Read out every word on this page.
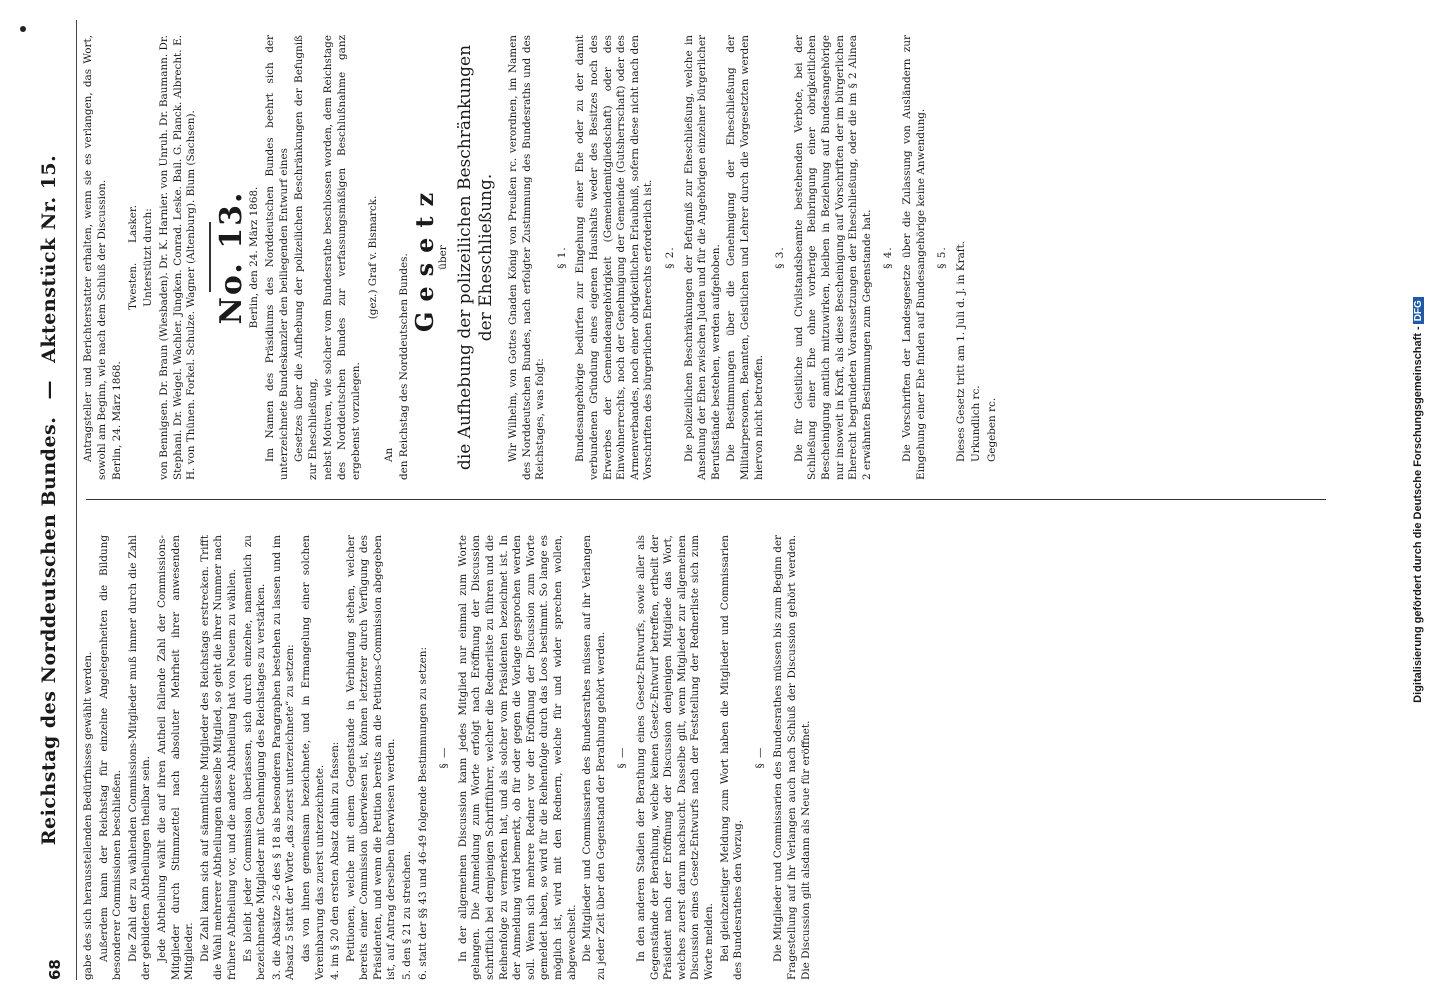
68
Reichstag des Norddeutschen Bundes. — Aktenstück Nr. 15.

gabe des sich herausstellenden Bedürfnisses gewählt werden. Außerdem kann der Reichstag für einzelne Angelegenheiten die Bildung besonderer Commissionen beschließen. Die Zahl der zu wählenden Commissions-Mitglieder muß immer durch die Zahl der gebildeten Abtheilungen theilbar sein. Jede Abtheilung wählt die auf ihren Antheil fallende Zahl der Commissions-Mitglieder durch Stimmzettel nach absoluter Mehrheit ihrer anwesenden Mitglieder. Die Zahl kann sich auf sämmtliche Mitglieder des Reichstags erstrecken. Trifft die Wahl mehrerer Abtheilungen dasselbe Mitglied, so geht die ihrer Nummer nach frühere Abtheilung vor, und die andere Abtheilung hat von Neuem zu wählen. Es bleibt jeder Commission überlassen, sich durch einzelne, namentlich zu bezeichnende Mitglieder mit Genehmigung des Reichstages zu verstärken. 3. die Absätze 2-6 des § 18 als besonderen Paragraphen bestehen zu lassen und im Absatz 5 statt der Worte „das zuerst unterzeichnete“ zu setzen: das von ihnen gemeinsam bezeichnete, und in Ermangelung einer solchen Vereinbarung das zuerst unterzeichnete. 4. im § 20 den ersten Absatz dahin zu fassen: Petitionen, welche mit einem Gegenstande in Verbindung stehen, welcher bereits einer Commission überwiesen ist, können letzterer durch Verfügung des Präsidenten, und wenn die Petition bereits an die Petitions-Commission abgegeben ist, auf Antrag derselben überwiesen werden. 5. den § 21 zu streichen.

6. statt der §§ 43 und 46-49 folgende Bestimmungen zu setzen: § — In der allgemeinen Discussion kann jedes Mitglied nur einmal zum Worte gelangen. Die Anmeldung zum Worte erfolgt nach Eröffnung der Discussion schriftlich bei demjenigen Schriftführer, welcher die Rednerliste zu führen und die Reihenfolge zu vermerken hat, und als solcher vom Präsidenten bezeichnet ist. In der Anmeldung wird bemerkt, ob für oder gegen die Vorlage gesprochen werden soll. Wenn sich mehrere Redner vor der Eröffnung der Discussion zum Worte gemeldet haben, so wird für die Reihenfolge durch das Loos bestimmt. So lange es möglich ist, wird mit den Rednern, welche für und wider sprechen wollen, abgewechselt. Die Mitglieder und Commissarien des Bundesrathes müssen auf ihr Verlangen zu jeder Zeit über den Gegenstand der Berathung gehört werden. § — In den anderen Stadien der Berathung eines Gesetz-Entwurfs, sowie aller als Gegenstände der Berathung, welche keinen Gesetz-Entwurf betreffen, ertheilt der Präsident nach der Eröffnung der Discussion denjenigen Mitgliede das Wort, welches zuerst darum nachsucht. Dasselbe gilt, wenn Mitglieder zur allgemeinen Discussion eines Gesetz-Entwurfs nach der Feststellung der Rednerliste sich zum Worte melden. Bei gleichzeitiger Meldung zum Wort haben die Mitglieder und Commissarien des Bundesrathes den Vorzug.

§ — Die Mitglieder und Commissarien des Bundesrathes müssen bis zum Beginn der Fragestellung auf ihr Verlangen auch nach Schluß der Discussion gehört werden. Die Discussion gilt alsdann als Neue für eröffnet.

Antragsteller und Berichterstatter erhalten, wenn sie es verlangen, das Wort, sowohl am Beginn, wie nach dem Schluß der Discussion. Berlin, 24. März 1868.

Twesten.      Lasker. Unterstützt durch: von Bennigsen. Dr. Braun (Wiesbaden). Dr. K. Harnier. von Unruh. Dr. Baumann. Dr. Stephani. Dr. Weigel. Wachler. Jüngken. Conrad. Leske. Bail. G. Planck. Albrecht. E. H. von Thünen. Forkel. Schulze. Wagner (Altenburg). Blum (Sachsen). No. 13. Berlin, den 24. März 1868. Im Namen des Präsidiums des Norddeutschen Bundes beehrt sich der unterzeichnete Bundeskanzler den beiliegenden Entwurf eines Gesetzes über die Aufhebung der polizeilichen Beschränkungen der Befugniß zur Eheschließung, nebst Motiven, wie solcher vom Bundesrathe beschlossen worden, dem Reichstage des Norddeutschen Bundes zur verfassungsmäßigen Beschlußnahme ganz ergebenst vorzulegen.

(gez.) Graf v. Bismarck.

An den Reichstag des Norddeutschen Bundes. Gesetz

über die Aufhebung der polizeilichen Beschränkungen der Eheschließung. Wir Wilhelm, von Gottes Gnaden König von Preußen rc. verordnen, im Namen des Norddeutschen Bundes, nach erfolgter Zustimmung des Bundesraths und des Reichstages, was folgt:

§ 1. Bundesangehörige bedürfen zur Eingehung einer Ehe oder zu der damit verbundenen Gründung eines eigenen Haushalts weder des Besitzes noch des Erwerbes der Gemeindeangehörigkeit (Gemeindemitgliedschaft) oder des Einwohnerrechts, noch der Genehmigung der Gemeinde (Gutsherrschaft) oder des Armenverbandes, noch einer obrigkeitlichen Erlaubniß, sofern diese nicht nach den Vorschriften des bürgerlichen Eherechts erforderlich ist. § 2. Die polizeilichen Beschränkungen der Befugniß zur Eheschließung, welche in Ansehung der Ehen zwischen Juden und für die Angehörigen einzelner bürgerlicher Berufsstände bestehen, werden aufgehoben. Die Bestimmungen über die Genehmigung der Eheschließung der Militairpersonen, Beamten, Geistlichen und Lehrer durch die Vorgesetzten werden hiervon nicht betroffen.

§ 3. Die für Geistliche und Civilstandsbeamte bestehenden Verbote, bei der Schließung einer Ehe ohne vorherige Beibringung einer obrigkeitlichen Bescheinigung amtlich mitzuwirken, bleiben in Beziehung auf Bundesangehörige nur insoweit in Kraft, als diese Bescheinigung auf Vorschriften der im bürgerlichen Eherecht begründeten Voraussetzungen der Eheschließung, oder die im § 2 Alinea 2 erwähnten Bestimmungen zum Gegenstande hat. § 4. Die Vorschriften der Landesgesetze über die Zulassung von Ausländern zur Eingehung einer Ehe finden auf Bundesangehörige keine Anwendung. § 5. Dieses Gesetz tritt am 1. Juli d. J. in Kraft. Urkundlich rc. Gegeben rc.	Digitalisierung gefördert durch die Deutsche Forschungsgemeinschaft -DFG
